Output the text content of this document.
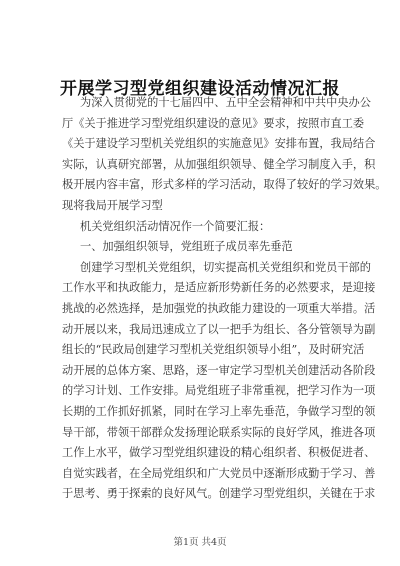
开展学习型党组织建设活动情况汇报
为深入贯彻党的十七届四中、五中全会精神和中共中央办公
厅《关于推进学习型党组织建设的意见》要求，按照市直工委
《关于建设学习型机关党组织的实施意见》安排布置，我局结合
实际，认真研究部署，从加强组织领导、健全学习制度入手，积
极开展内容丰富，形式多样的学习活动，取得了较好的学习效果。
现将我局开展学习型
机关党组织活动情况作一个简要汇报：
一、加强组织领导，党组班子成员率先垂范
创建学习型机关党组织，切实提高机关党组织和党员干部的
工作水平和执政能力，是适应新形势新任务的必然要求，是迎接
挑战的必然选择，是加强党的执政能力建设的一项重大举措。活
动开展以来，我局迅速成立了以一把手为组长、各分管领导为副
组长的“民政局创建学习型机关党组织领导小组”，及时研究活
动开展的总体方案、思路，逐一审定学习型机关创建活动各阶段
的学习计划、工作安排。局党组班子非常重视，把学习作为一项
长期的工作抓好抓紧，同时在学习上率先垂范，争做学习型的领
导干部，带领干部群众发扬理论联系实际的良好学风，推进各项
工作上水平，做学习型党组织建设的精心组织者、积极促进者、
自觉实践者，在全局党组织和广大党员中逐渐形成勤于学习、善
于思考、勇于探索的良好风气。创建学习型党组织，关键在于求
第1页 共4页
